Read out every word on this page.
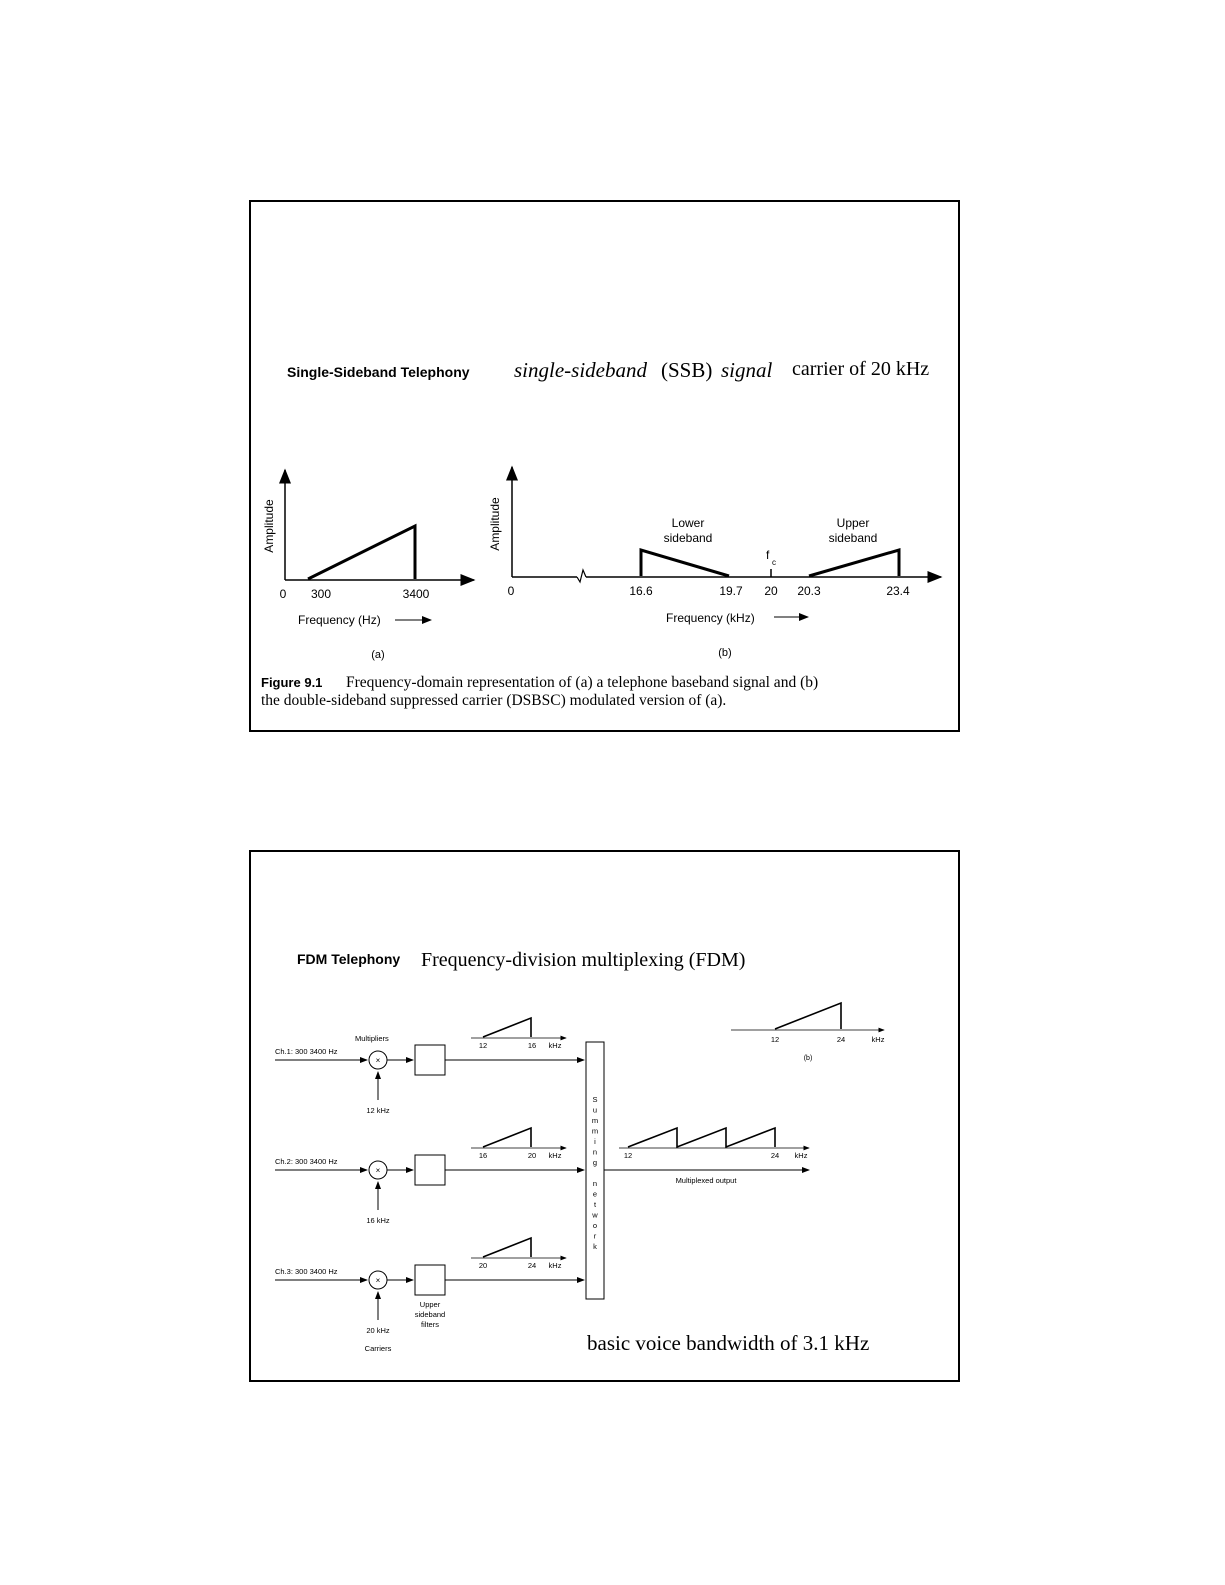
Single-Sideband Telephony single-sideband (SSB) signal carrier of 20 kHz
Amplitude
0 300	3400
Frequency (Hz)
(a)
Amplitude
0	16.6	19.7 20 20.3	23.4
f
c
Lower
sideband
Upper
sideband
Frequency (kHz)
(b)
Figure 9.1 Frequency-domain representation of (a) a telephone baseband signal and (b)
the double-sideband suppressed carrier (DSBSC) modulated version of (a).
FDM Telephony Frequency-division multiplexing (FDM)
Multipliers
Ch.1: 300 3400 Hz
×
12 kHz
12	16 kHz
Ch.2: 300 3400 Hz
×
16 kHz
16	20 kHz
Ch.3: 300 3400 Hz
×
20 kHz
Carriers
Upper
sideband
filters
20	24 kHz
S
u
m
m
i
n
g
n
e
t
w
o
r
k
Multiplexed output
12	24 kHz
12	24	kHz
(b)
basic voice bandwidth of 3.1 kHz
